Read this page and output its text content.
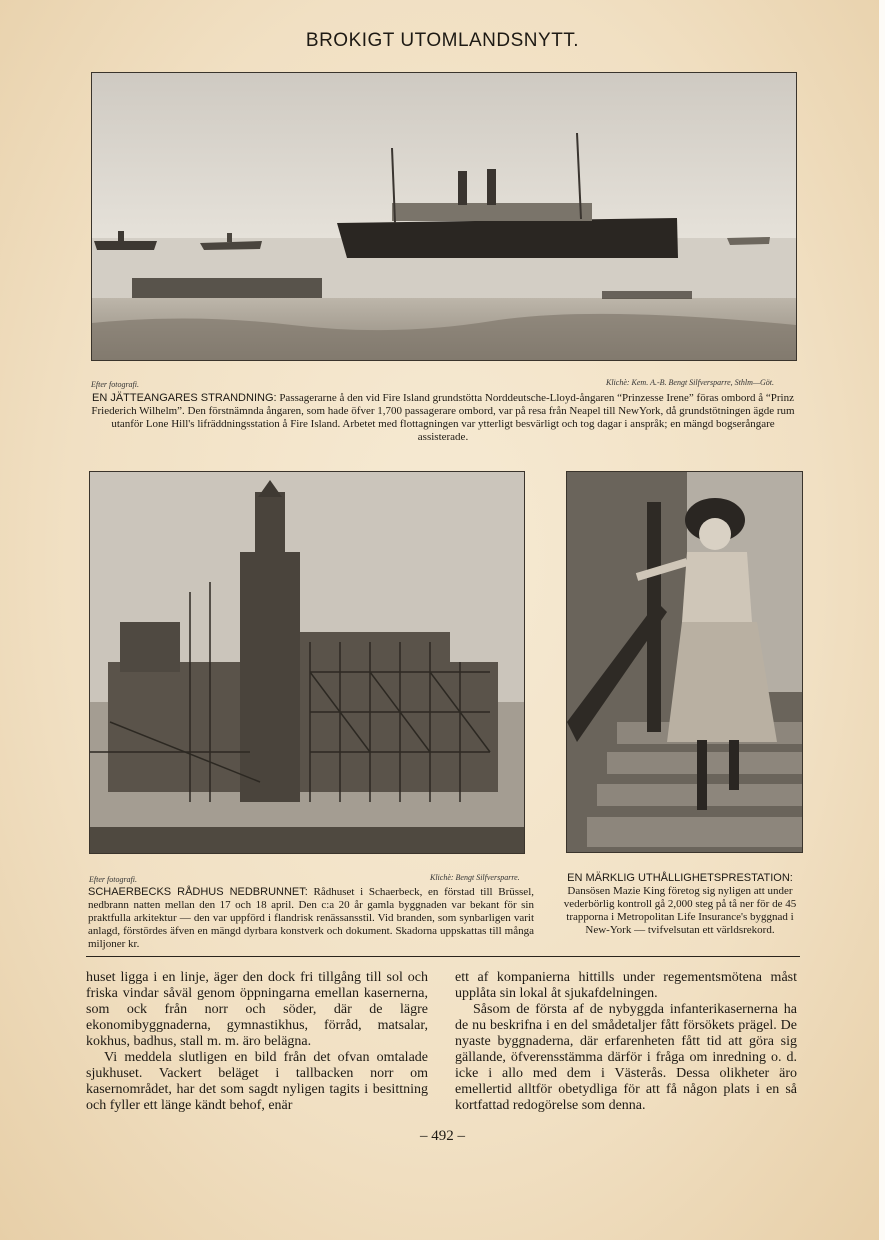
BROKIGT UTOMLANDSNYTT.
Efter fotografi.	Klichè: Kem. A.-B. Bengt Silfversparre, Sthlm—Göt.
EN JÄTTEANGARES STRANDNING: Passagerarne å den vid Fire Island grundstötta Norddeutsche-Lloyd-ångaren “Prinzesse Irene” föras ombord å “Prinz Friederich Wilhelm”. Den förstnämnda ångaren, som hade öfver 1,700 passagerare ombord, var på resa från Neapel till NewYork, då grundstötningen ägde rum utanför Lone Hill's lifräddningsstation å Fire Island. Arbetet med flottagningen var ytterligt besvärligt och tog dagar i anspråk; en mängd bogserångare assisterade.
Efter fotografi.	Klichè: Bengt Silfversparre.
SCHAERBECKS RÅDHUS NEDBRUNNET: Rådhuset i Schaerbeck, en förstad till Brüssel, nedbrann natten mellan den 17 och 18 april. Den c:a 20 år gamla byggnaden var bekant för sin praktfulla arkitektur — den var uppförd i flandrisk renässansstil. Vid branden, som synbarligen varit anlagd, förstördes äfven en mängd dyrbara konstverk och dokument. Skadorna uppskattas till många miljoner kr.
EN MÄRKLIG UTHÅLLIGHETSPRESTATION: Dansösen Mazie King företog sig nyligen att under vederbörlig kontroll gå 2,000 steg på tå ner för de 45 trapporna i Metropolitan Life Insurance's byggnad i New-York — tvifvelsutan ett världsrekord.

huset ligga i en linje, äger den dock fri tillgång till sol och friska vindar såväl genom öppningarna emellan kasernerna, som ock från norr och söder, där de lägre ekonomibyggnaderna, gymnastikhus, förråd, matsalar, kokhus, badhus, stall m. m. äro belägna.

Vi meddela slutligen en bild från det ofvan omtalade sjukhuset. Vackert beläget i tallbacken norr om kasernområdet, har det som sagdt nyligen tagits i besittning och fyller ett länge kändt behof, enär

ett af kompanierna hittills under regementsmötena måst upplåta sin lokal åt sjukafdelningen.

Såsom de första af de nybyggda infanterikasernerna ha de nu beskrifna i en del smådetaljer fått försökets prägel. De nyaste byggnaderna, där erfarenheten fått tid att göra sig gällande, öfverensstämma därför i fråga om inredning o. d. icke i allo med dem i Västerås. Dessa olikheter äro emellertid alltför obetydliga för att få någon plats i en så kortfattad redogörelse som denna.

– 492 –
